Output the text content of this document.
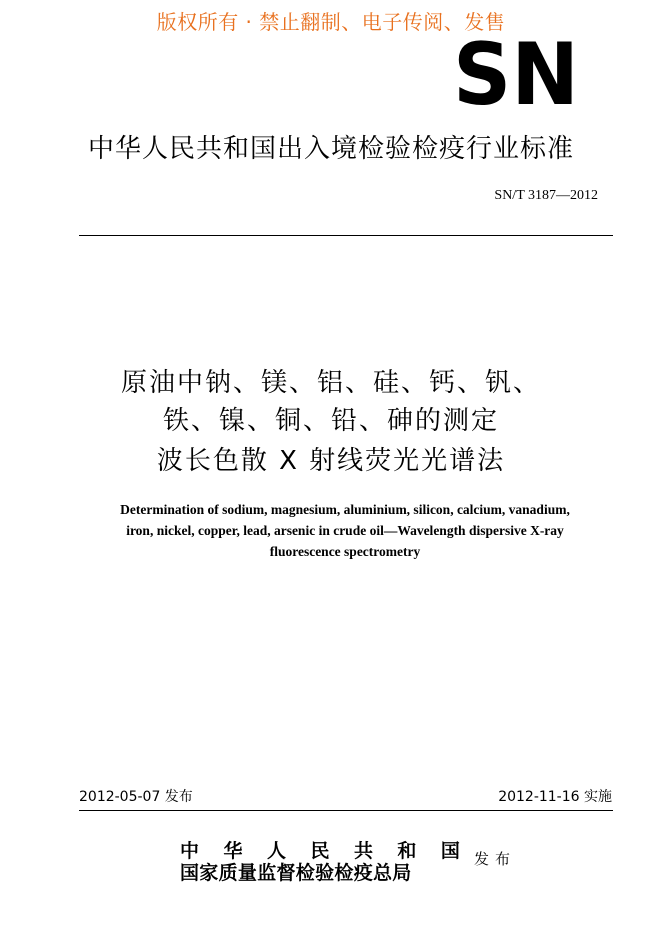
版权所有 · 禁止翻制、电子传阅、发售
SN
中华人民共和国出入境检验检疫行业标准
SN/T 3187—2012
原油中钠、镁、铝、硅、钙、钒、
铁、镍、铜、铅、砷的测定
波长色散 X 射线荧光光谱法
Determination of sodium, magnesium, aluminium, silicon, calcium, vanadium,
iron, nickel, copper, lead, arsenic in crude oil—Wavelength dispersive X-ray
fluorescence spectrometry
2012-05-07 发布	2012-11-16 实施
中 华 人 民 共 和 国
国家质量监督检验检疫总局
发布
